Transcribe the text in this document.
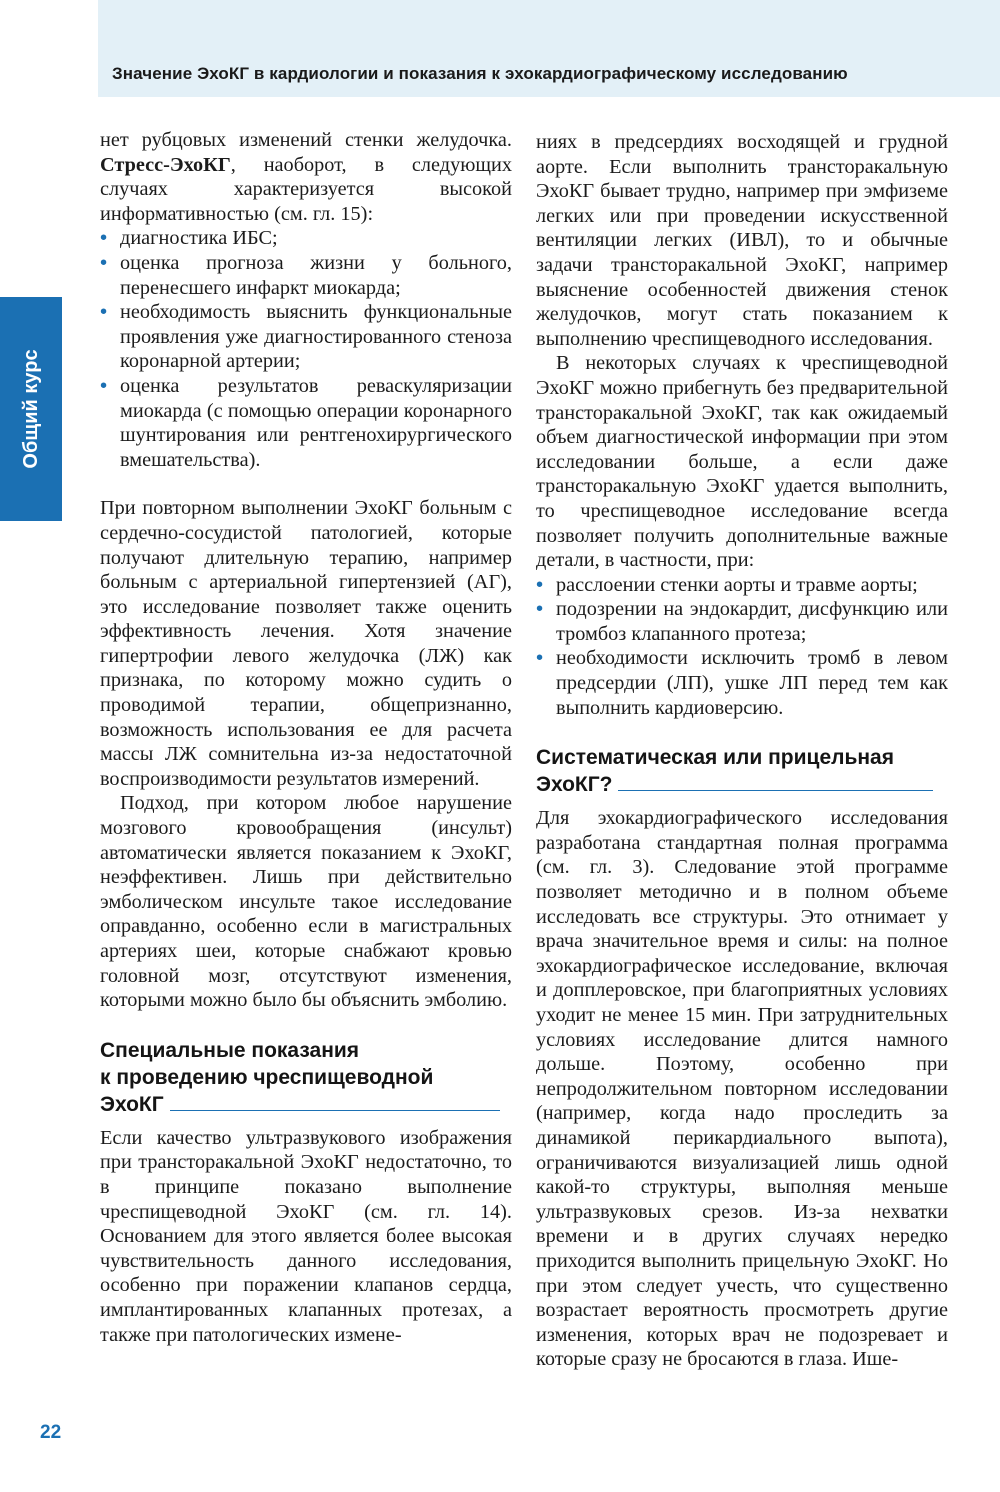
Значение ЭхоКГ в кардиологии и показания к эхокардиографическому исследованию
Общий курс

нет рубцовых изменений стенки желудочка. Стресс-ЭхоКГ, наоборот, в следующих случаях характеризуется высокой информативностью (см. гл. 15):

• диагностика ИБС;
• оценка прогноза жизни у больного, перенесшего инфаркт миокарда;
• необходимость выяснить функциональные проявления уже диагностированного стеноза коронарной артерии;
• оценка результатов реваскуляризации миокарда (с помощью операции коронарного шунтирования или рентгенохирургического вмешательства).

При повторном выполнении ЭхоКГ больным с сердечно-сосудистой патологией, которые получают длительную терапию, например больным с артериальной гипертензией (АГ), это исследование позволяет также оценить эффективность лечения. Хотя значение гипертрофии левого желудочка (ЛЖ) как признака, по которому можно судить о проводимой терапии, общепризнанно, возможность использования ее для расчета массы ЛЖ сомнительна из-за недостаточной воспроизводимости результатов измерений.

Подход, при котором любое нарушение мозгового кровообращения (инсульт) автоматически является показанием к ЭхоКГ, неэффективен. Лишь при действительно эмболическом инсульте такое исследование оправданно, особенно если в магистральных артериях шеи, которые снабжают кровью головной мозг, отсутствуют изменения, которыми можно было бы объяснить эмболию.

Специальные показания
к проведению чреспищеводной
ЭхоКГ

Если качество ультразвукового изображения при трансторакальной ЭхоКГ недостаточно, то в принципе показано выполнение чреспищеводной ЭхоКГ (см. гл. 14). Основанием для этого является более высокая чувствительность данного исследования, особенно при поражении клапанов сердца, имплантированных клапанных протезах, а также при патологических измене-

ниях в предсердиях восходящей и грудной аорте. Если выполнить трансторакальную ЭхоКГ бывает трудно, например при эмфиземе легких или при проведении искусственной вентиляции легких (ИВЛ), то и обычные задачи трансторакальной ЭхоКГ, например выяснение особенностей движения стенок желудочков, могут стать показанием к выполнению чреспищеводного исследования.

В некоторых случаях к чреспищеводной ЭхоКГ можно прибегнуть без предварительной трансторакальной ЭхоКГ, так как ожидаемый объем диагностической информации при этом исследовании больше, а если даже трансторакальную ЭхоКГ удается выполнить, то чреспищеводное исследование всегда позволяет получить дополнительные важные детали, в частности, при:

• расслоении стенки аорты и травме аорты;
• подозрении на эндокардит, дисфункцию или тромбоз клапанного протеза;
• необходимости исключить тромб в левом предсердии (ЛП), ушке ЛП перед тем как выполнить кардиоверсию.
Систематическая или прицельная
ЭхоКГ?

Для эхокардиографического исследования разработана стандартная полная программа (см. гл. 3). Следование этой программе позволяет методично и в полном объеме исследовать все структуры. Это отнимает у врача значительное время и силы: на полное эхокардиографическое исследование, включая и допплеровское, при благоприятных условиях уходит не менее 15 мин. При затруднительных условиях исследование длится намного дольше. Поэтому, особенно при непродолжительном повторном исследовании (например, когда надо проследить за динамикой перикардиального выпота), ограничиваются визуализацией лишь одной какой-то структуры, выполняя меньше ультразвуковых срезов. Из-за нехватки времени и в других случаях нередко приходится выполнить прицельную ЭхоКГ. Но при этом следует учесть, что существенно возрастает вероятность просмотреть другие изменения, которых врач не подозревает и которые сразу не бросаются в глаза. Ише-

22
